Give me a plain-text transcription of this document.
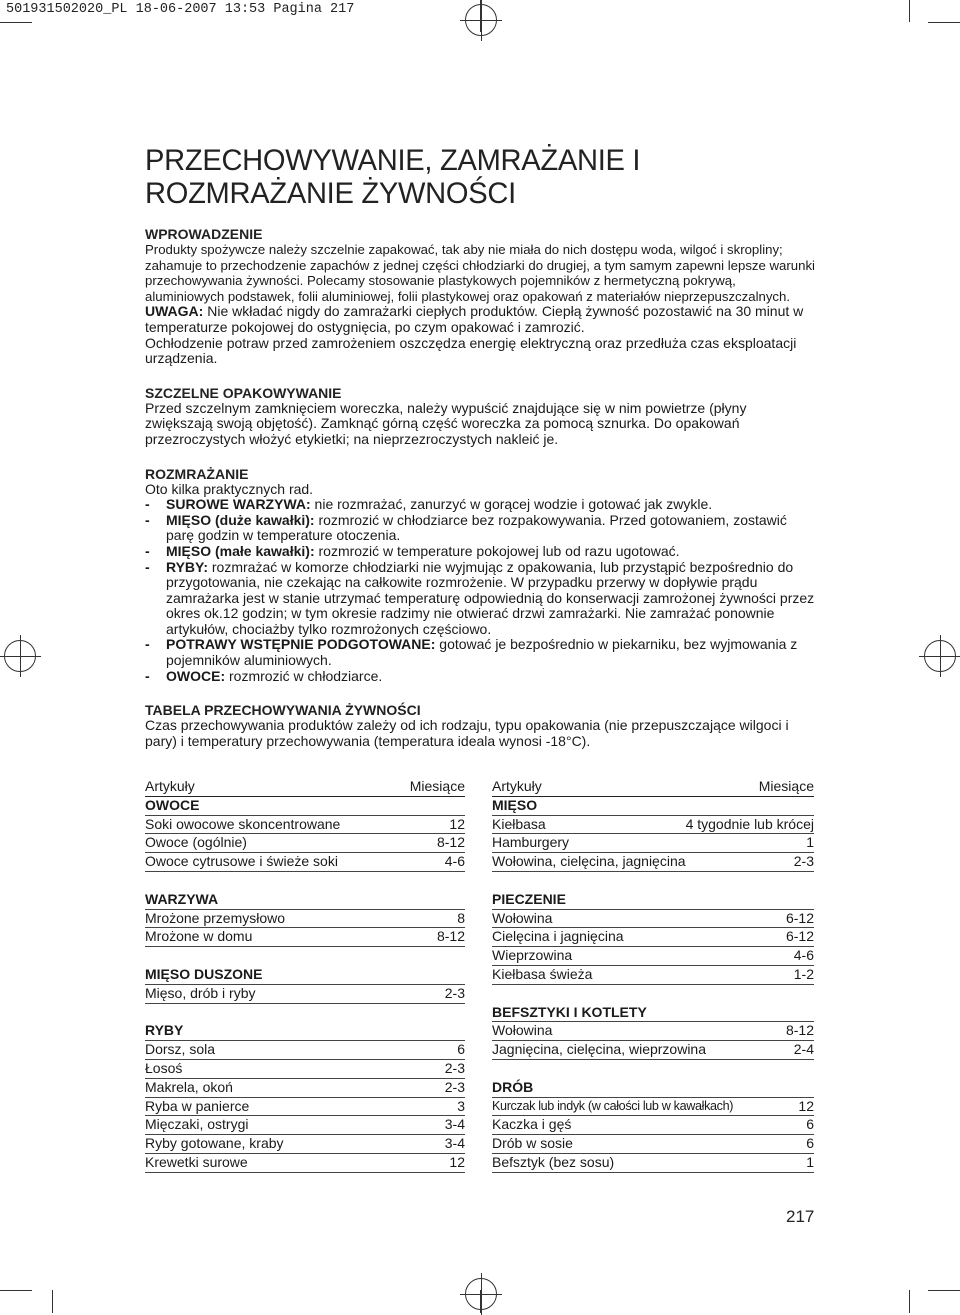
501931502020_PL 18-06-2007 13:53 Pagina 217
PRZECHOWYWANIE, ZAMRAŻANIE I
ROZMRAŻANIE ŻYWNOŚCI
WPROWADZENIE

Produkty spożywcze należy szczelnie zapakować, tak aby nie miała do nich dostępu woda, wilgoć i skropliny; zahamuje to przechodzenie zapachów z jednej części chłodziarki do drugiej, a tym samym zapewni lepsze warunki przechowywania żywności. Polecamy stosowanie plastykowych pojemników z hermetyczną pokrywą, aluminiowych podstawek, folii aluminiowej, folii plastykowej oraz opakowań z materiałów nieprzepuszczalnych.

UWAGA: Nie wkładać nigdy do zamrażarki ciepłych produktów. Ciepłą żywność pozostawić na 30 minut w temperaturze pokojowej do ostygnięcia, po czym opakować i zamrozić.

Ochłodzenie potraw przed zamrożeniem oszczędza energię elektryczną oraz przedłuża czas eksploatacji urządzenia.

SZCZELNE OPAKOWYWANIE

Przed szczelnym zamknięciem woreczka, należy wypuścić znajdujące się w nim powietrze (płyny zwiększają swoją objętość). Zamknąć górną część woreczka za pomocą sznurka. Do opakowań przezroczystych włożyć etykietki; na nieprzezroczystych nakleić je.

ROZMRAŻANIE

Oto kilka praktycznych rad.

- SUROWE WARZYWA: nie rozmrażać, zanurzyć w gorącej wodzie i gotować jak zwykle.
- MIĘSO (duże kawałki): rozmrozić w chłodziarce bez rozpakowywania. Przed gotowaniem, zostawić parę godzin w temperature otoczenia.
- MIĘSO (małe kawałki): rozmrozić w temperature pokojowej lub od razu ugotować.
- RYBY: rozmrażać w komorze chłodziarki nie wyjmując z opakowania, lub przystąpić bezpośrednio do przygotowania, nie czekając na całkowite rozmrożenie. W przypadku przerwy w dopływie prądu zamrażarka jest w stanie utrzymać temperaturę odpowiednią do konserwacji zamrożonej żywności przez okres ok.12 godzin; w tym okresie radzimy nie otwierać drzwi zamrażarki. Nie zamrażać ponownie artykułów, chociażby tylko rozmrożonych częściowo.
- POTRAWY WSTĘPNIE PODGOTOWANE: gotować je bezpośrednio w piekarniku, bez wyjmowania z pojemników aluminiowych.
- OWOCE: rozmrozić w chłodziarce.
TABELA PRZECHOWYWANIA ŻYWNOŚCI

Czas przechowywania produktów zależy od ich rodzaju, typu opakowania (nie przepuszczające wilgoci i pary) i temperatury przechowywania (temperatura ideala wynosi -18°C).

Artykuły	Miesiące
OWOCE
Soki owocowe skoncentrowane	12
Owoce (ogólnie)	8-12
Owoce cytrusowe i świeże soki	4-6
WARZYWA
Mrożone przemysłowo	8
Mrożone w domu	8-12
MIĘSO DUSZONE
Mięso, drób i ryby	2-3
RYBY
Dorsz, sola	6
Łosoś	2-3
Makrela, okoń	2-3
Ryba w panierce	3
Mięczaki, ostrygi	3-4
Ryby gotowane, kraby	3-4
Krewetki surowe	12
Artykuły	Miesiące
MIĘSO
Kiełbasa	4 tygodnie lub krócej
Hamburgery	1
Wołowina, cielęcina, jagnięcina	2-3
PIECZENIE
Wołowina	6-12
Cielęcina i jagnięcina	6-12
Wieprzowina	4-6
Kiełbasa świeża	1-2
BEFSZTYKI I KOTLETY
Wołowina	8-12
Jagnięcina, cielęcina, wieprzowina	2-4
DRÓB
Kurczak lub indyk (w całości lub w kawałkach)	12
Kaczka i gęś	6
Drób w sosie	6
Befsztyk (bez sosu)	1
217
